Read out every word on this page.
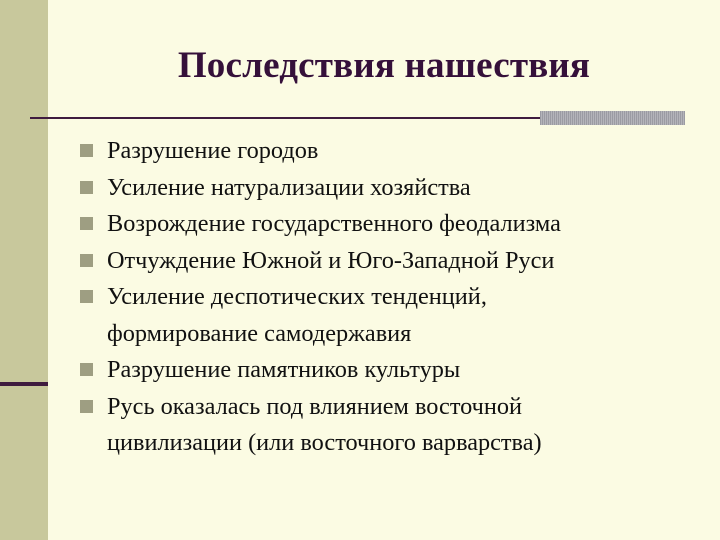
Последствия нашествия
Разрушение городов
Усиление натурализации хозяйства
Возрождение государственного феодализма
Отчуждение Южной и Юго-Западной Руси
Усиление деспотических тенденций,
формирование самодержавия
Разрушение памятников культуры
Русь оказалась под влиянием восточной
цивилизации (или восточного варварства)
